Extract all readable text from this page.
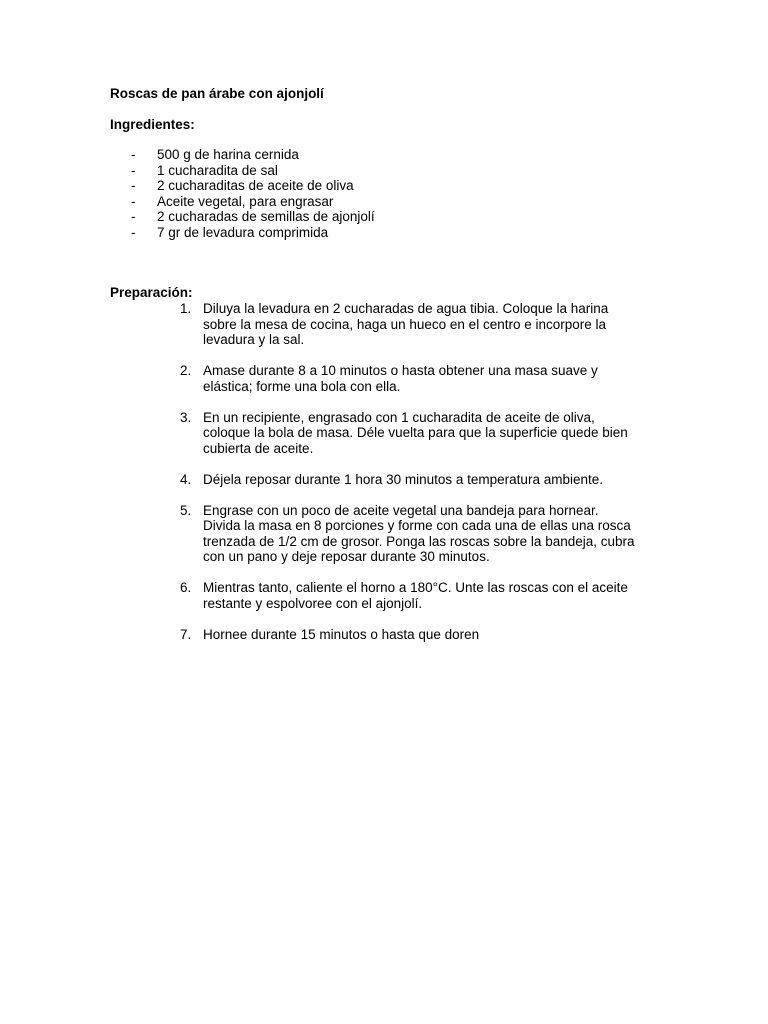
Roscas de pan árabe con ajonjolí
Ingredientes:
- 500 g de harina cernida
- 1 cucharadita de sal
- 2 cucharaditas de aceite de oliva
- Aceite vegetal, para engrasar
- 2 cucharadas de semillas de ajonjolí
- 7 gr de levadura comprimida
Preparación:
1. Diluya la levadura en 2 cucharadas de agua tibia. Coloque la harina
sobre la mesa de cocina, haga un hueco en el centro e incorpore la
levadura y la sal.
2. Amase durante 8 a 10 minutos o hasta obtener una masa suave y
elástica; forme una bola con ella.
3. En un recipiente, engrasado con 1 cucharadita de aceite de oliva,
coloque la bola de masa. Déle vuelta para que la superficie quede bien
cubierta de aceite.
4. Déjela reposar durante 1 hora 30 minutos a temperatura ambiente.
5. Engrase con un poco de aceite vegetal una bandeja para hornear.
Divida la masa en 8 porciones y forme con cada una de ellas una rosca
trenzada de 1/2 cm de grosor. Ponga las roscas sobre la bandeja, cubra
con un pano y deje reposar durante 30 minutos.
6. Mientras tanto, caliente el horno a 180°C. Unte las roscas con el aceite
restante y espolvoree con el ajonjolí.
7. Hornee durante 15 minutos o hasta que doren
